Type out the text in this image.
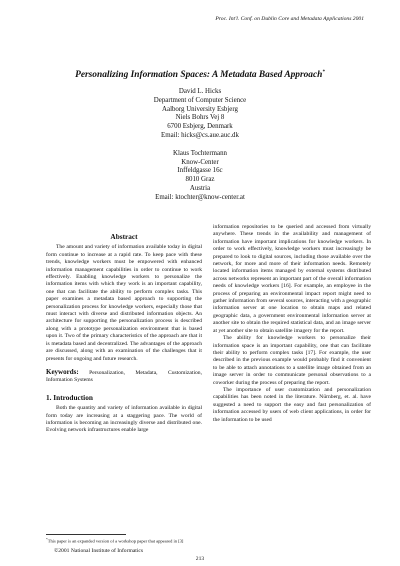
Proc. Int'l. Conf. on Dublin Core and Metadata Applications 2001
Personalizing Information Spaces: A Metadata Based Approach*
David L. Hicks
Department of Computer Science
Aalborg University Esbjerg
Niels Bohrs Vej 8
6700 Esbjerg, Denmark
Email: hicks@cs.aue.auc.dk
Klaus Tochtermann
Know-Center
Inffeldgasse 16c
8010 Graz
Austria
Email: ktochter@know-center.at
Abstract

The amount and variety of information available today in digital form continue to increase at a rapid rate. To keep pace with these trends, knowledge workers must be empowered with enhanced information management capabilities in order to continue to work effectively. Enabling knowledge workers to personalize the information items with which they work is an important capability, one that can facilitate the ability to perform complex tasks. This paper examines a metadata based approach to supporting the personalization process for knowledge workers, especially those that must interact with diverse and distributed information objects. An architecture for supporting the personalization process is described along with a prototype personalization environment that is based upon it. Two of the primary characteristics of the approach are that it is metadata based and decentralized. The advantages of the approach are discussed, along with an examination of the challenges that it presents for ongoing and future research.

Keywords: Personalization, Metadata, Customization, Information Systems
1. Introduction

Both the quantity and variety of information available in digital form today are increasing at a staggering pace. The world of information is becoming an increasingly diverse and distributed one. Evolving network infrastructures enable large

information repositories to be queried and accessed from virtually anywhere. These trends in the availability and management of information have important implications for knowledge workers. In order to work effectively, knowledge workers must increasingly be prepared to look to digital sources, including those available over the network, for more and more of their information needs. Remotely located information items managed by external systems distributed across networks represent an important part of the overall information needs of knowledge workers [16]. For example, an employee in the process of preparing an environmental impact report might need to gather information from several sources, interacting with a geographic information server at one location to obtain maps and related geographic data, a government environmental information server at another site to obtain the required statistical data, and an image server at yet another site to obtain satellite imagery for the report.

The ability for knowledge workers to personalize their information space is an important capability, one that can facilitate their ability to perform complex tasks [17]. For example, the user described in the previous example would probably find it convenient to be able to attach annotations to a satellite image obtained from an image server in order to communicate personal observations to a coworker during the process of preparing the report.

The importance of user customization and personalization capabilities has been noted in the literature. Nürnberg, et. al. have suggested a need to support the easy and fast personalization of information accessed by users of web client applications, in order for the information to be used

*This paper is an expanded version of a workshop paper that appeared in [3]
©2001 National Institute of Informatics
213
